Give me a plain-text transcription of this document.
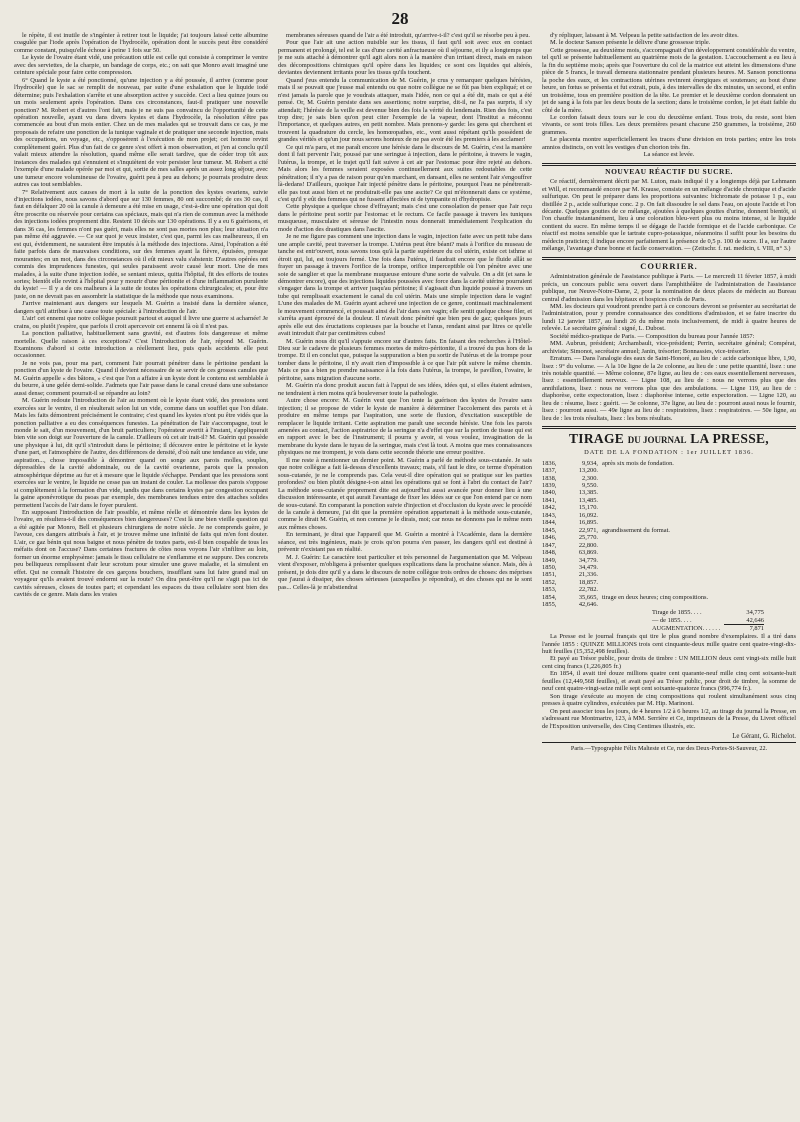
28

le répète, il est inutile de s'ingénier à retirer tout le liquide; j'ai toujours laissé cette albumine coagulée par l'iode après l'opération de l'hydrocèle, opération dont le succès peut être considéré comme constant, puisqu'elle échoue à peine 1 fois sur 50.

Le kyste de l'ovaire étant vidé, une précaution utile est celle qui consiste à comprimer le ventre avec des serviettes, de la charpie, un bandage de corps, etc.; on sait que Monro avait imaginé une ceinture spéciale pour faire cette compression.

6° Quand le kyste a été ponctionné, qu'une injection y a été poussée, il arrive (comme pour l'hydrocèle) que le sac se remplit de nouveau, par suite d'une exhalation que le liquide iodé détermine; puis l'exhalation s'arrête et une absorption active y succède. Ceci a lieu quinze jours ou un mois seulement après l'opération. Dans ces circonstances, faut-il pratiquer une nouvelle ponction? M. Robert et d'autres l'ont fait, mais je ne suis pas convaincu de l'opportunité de cette opération nouvelle, ayant vu dans divers kystes et dans l'hydrocèle, la résolution s'être pas commencée au bout d'un mois entier. Chez un de mes malades qui se trouvait dans ce cas, je me proposais de refaire une ponction de la tunique vaginale et de pratiquer une seconde injection, mais des occupations, un voyage, etc., s'opposèrent à l'exécution de mon projet; cet homme revint complètement guéri. Plus d'un fait de ce genre s'est offert à mon observation, et j'en ai conclu qu'il valait mieux attendre la résolution, quand même elle serait tardive, que de céder trop tôt aux instances des malades qui s'ennuient et s'inquiètent de voir persister leur tumeur. M. Robert a cité l'exemple d'une malade opérée par moi et qui, sortie de mes salles après un assez long séjour, avec une tumeur encore volumineuse de l'ovaire, guérit peu à peu au dehors; je pourrais produire deux autres cas tout semblables.

7° Relativement aux causes de mort à la suite de la ponction des kystes ovariens, suivie d'injections iodées, nous savons d'abord que sur 130 femmes, 80 ont succombé; de ces 30 cas, il faut en défalquer 20 où la canule à demeure a été mise en usage, c'est-à-dire une opération qui doit être proscrite ou réservée pour certains cas spéciaux, mais qui n'a rien de commun avec la méthode des injections iodées proprement dite. Restent 10 décès sur 130 opérations. Il y a eu 6 guérisons, et dans 36 cas, les femmes n'ont pas guéri, mais elles ne sont pas mortes non plus; leur situation n'a pas même été aggravée. — Ce sur quoi je veux insister, c'est que, parmi les cas malheureux, il en est qui, évidemment, ne sauraient être imputés à la méthode des injections. Ainsi, l'opération a été faite parfois dans de mauvaises conditions, sur des femmes ayant la fièvre, épuisées, presque mourantes; en un mot, dans des circonstances où il eût mieux valu s'abstenir. D'autres opérées ont commis des imprudences funestes, qui seules paraissent avoir causé leur mort. Une de mes malades, à la suite d'une injection iodée, se sentant mieux, quitta l'hôpital, fit des efforts de toutes sortes; bientôt elle revint à l'hôpital pour y mourir d'une péritonite et d'une inflammation purulente du kyste! — Il y a de ces malheurs à la suite de toutes les opérations chirurgicales; et, pour être juste, on ne devrait pas en assombrir la statistique de la méthode que nous examinons.

J'arrive maintenant aux dangers sur lesquels M. Guérin a insisté dans la dernière séance, dangers qu'il attribue à une cause toute spéciale: à l'introduction de l'air.

L'air! cet ennemi que notre collègue poursuit partout et auquel il livre une guerre si acharnée! Je crains, ou plutôt j'espère, que parfois il croit apercevoir cet ennemi là où il n'est pas.

La ponction palliative, habituellement sans gravité, est d'autres fois dangereuse et même mortelle. Quelle raison à ces exceptions? C'est l'introduction de l'air, répond M. Guérin. Examinons d'abord si cette introduction a réellement lieu, puis quels accidents elle peut occasionner.

Je ne vois pas, pour ma part, comment l'air pourrait pénétrer dans le péritoine pendant la ponction d'un kyste de l'ovaire. Quand il devient nécessaire de se servir de ces grosses canules que M. Guérin appelle « des bâtons, » c'est que l'on a affaire à un kyste dont le contenu est semblable à du beurre, à une gelée demi-solide. J'admets que l'air passe dans le canal creusé dans une substance aussi dense; comment pourrait-il se répandre au loin?

M. Guérin redoute l'introduction de l'air au moment où le kyste étant vidé, des pressions sont exercées sur le ventre, il en résulterait selon lui un vide, comme dans un soufflet que l'on dilate. Mais les faits démontrent précisément le contraire; c'est quand les kystes n'ont pu être vidés que la ponction palliative a eu des conséquences funestes. La pénétration de l'air s'accompagne, tout le monde le sait, d'un mouvement, d'un bruit particuliers; l'opérateur avertit à l'instant, s'appliquerait bien vite son doigt sur l'ouverture de la canule. D'ailleurs où cet air irait-il? M. Guérin qui possède une physique à lui, dit qu'il s'introduit dans le péritoine; il découvre entre le péritoine et le kyste d'une part, et l'atmosphère de l'autre, des différences de densité, d'où naît une tendance au vide, une aspiration..., chose impossible à démontrer quand on songe aux parois molles, souples, dépressibles de la cavité abdominale, ou de la cavité ovarienne, parois que la pression atmosphérique déprime au fur et à mesure que le liquide s'échappe. Pendant que les pressions sont exercées sur le ventre, le liquide ne cesse pas un instant de couler. La mollesse des parois s'oppose si complètement à la formation d'un vide, tandis que dans certains kystes par congestion occupant la gaine aponévrotique du psoas par exemple, des membranes tendues entre des attaches solides permettent l'accès de l'air dans le foyer purulent.

En supposant l'introduction de l'air possible, et même réelle et démontrée dans les kystes de l'ovaire, en résultera-t-il des conséquences bien dangereuses? C'est là une bien vieille question qui a été agitée par Monro, Bell et plusieurs chirurgiens de notre siècle. Je ne comprends guère, je l'avoue, ces dangers attribués à l'air, et je trouve même une infinité de faits qui m'en font douter. L'air, ce gaz bénin qui nous baigne et nous pénètre de toutes parts, est-il bien coupable de tous les méfaits dont on l'accuse? Dans certaines fractures de côtes nous voyons l'air s'infiltrer au loin, former un énorme emphysème: jamais le tissu cellulaire ne s'enflamme et ne suppure. Des concrets peu belliqueux remplissent d'air leur scrotum pour simuler une grave maladie, et la simulent en effet. Qui ne connaît l'histoire de ces garçons bouchers, insufflant sans lui faire grand mal un voyageur qu'ils avaient trouvé endormi sur la route? On dira peut-être qu'il ne s'agit pas ici de cavités séreuses, closes de toutes part; et cependant les espaces du tissu cellulaire sont bien des cavités de ce genre. Mais dans les vraies

membranes séreuses quand de l'air a été introduit, qu'arrive-t-il? c'est qu'il se résorbe peu à peu.

Pour que l'air ait une action nuisible sur les tissus, il faut qu'il soit avec eux en contact permanent et prolongé, tel est le cas d'une cavité anfractueuse où il séjourne, et ily a longtemps que je me suis attaché à démontrer qu'il agit alors non à la manière d'un irritant direct, mais en raison des décompositions chimiques qu'il opère dans les liquides; ce sont ces liquides qui altérés, deviantes deviennent irritants pour les tissus qu'ils touchent.

Quand j'eus entendu la communication de M. Guérin, je crus y remarquer quelques hérésies, mais il se pouvait que j'eusse mal entendu ou que notre collègue ne se fût pas bien expliqué; et ce n'est jamais la parole que je voudrais attaquer, mais l'idée, non ce qui a été dit, mais ce qui a été pensé. Or, M. Guérin persiste dans ses assertions; notre surprise, dit-il, ne l'a pas surpris, il s'y attendait; l'hérésie de la veille est devenue bien des fois la vérité du lendemain. Rien des fois, c'est trop dire; je sais bien qu'on peut citer l'exemple de la vapeur, dont l'Institut a méconnu l'importance, et quelques autres, en petit nombre. Mais prenons-y garde: les gens qui cherchent et trouvent la quadrature du cercle, les homœopathes, etc., vont aussi répétant qu'ils possèdent de grandes vérités et qu'un jour nous serons honteux de ne pas avoir été les premiers à les acclamer!

Ce qui m'a paru, et me paraît encore une hérésie dans le discours de M. Guérin, c'est la manière dont il fait pervenir l'air, poussé par une seringue à injection, dans le péritoine, à travers le vagin, l'utérus, la trompe, et le trajet qu'il fait suivre à cet air par l'estomac pour être rejeté au dehors. Mais alors les femmes seraient exposées continuellement aux suites redoutables de cette pénétration; il n'y a pas de raison pour qu'en marchant, en dansant, elles ne sentent l'air s'engouffrer là-dedans! D'ailleurs, quoique l'air injecté pénètre dans le péritoine, pourquoi l'eau ne pénétrerait-elle pas tout aussi bien et ne produirait-elle pas une ascite? Ce qui m'étonnerait dans ce système, c'est qu'il y eût des femmes qui ne fussent affectées ni de tympanite ni d'hydropisie.

Cette physique a quelque chose d'effrayant; mais c'est une consolation de penser que l'air reçu dans le péritoine peut sortir par l'estomac et le rectum. Ce facile passage à travers les tuniques musqueuse, musculaire et séreuse de l'intestin nous donnerait immédiatement l'explication du mode d'action des drastiques dans l'ascite.

Je ne me figure pas comment une injection dans le vagin, injection faite avec un petit tube dans une ample cavité, peut traverser la trompe. L'utérus peut être béant? mais à l'orifice du museau de tanche est entr'ouvert, nous savons tous qu'à la partie supérieure du col utérin, existe cet isthme si étroit qui, lui, est toujours fermé. Une fois dans l'utérus, il faudrait encore que le fluide allât se frayer un passage à travers l'orifice de la trompe, orifice imperceptible où l'on pénètre avec une soie de sanglier et que la membrane muqueuse entoure d'une sorte de valvule. On a dit (et sans le démontrer encore), que des injections liquides poussées avec force dans la cavité utérine pourraient s'engager dans la trompe et arriver jusqu'au péritoine; il s'agissait d'un liquide poussé à travers un tube qui remplissait exactement le canal du col utérin. Mais une simple injection dans le vagin! L'une des malades de M. Guérin ayant achevé une injection de ce genre, continuait machinalement le mouvement commencé, et poussait ainsi de l'air dans son vagin; elle sentit quelque chose filer, et s'arrêta ayant éprouvé de la douleur. Il n'avait donc pénétré que bien peu de gaz; quelques jours après elle eut des éructations copieuses par la bouche et l'anus, rendant ainsi par litres ce qu'elle avait introduit d'air par centimètres cubes!

M. Guérin nous dit qu'il s'appuie encore sur d'autres faits. En faisant des recherches à l'Hôtel-Dieu sur le cadavre de plusieurs femmes mortes de métro-péritonite, il a trouvé du pus hors de la trompe. Et il en conclut que, puisque la suppuration a bien pu sortir de l'utérus et de la trompe pour tomber dans le péritoine, il n'y avait rien d'impossible à ce que l'air pût suivre le même chemin. Mais ce pus a bien pu prendre naissance à la fois dans l'utérus, la trompe, le pavillon, l'ovaire, le péritoine, sans migration d'aucune sorte.

M. Guérin n'a donc produit aucun fait à l'appui de ses idées, idées qui, si elles étaient admises, ne tendraient à rien moins qu'à bouleverser toute la pathologie.

Autre chose encore: M. Guérin veut que l'on tente la guérison des kystes de l'ovaire sans injection; il se propose de vider le kyste de manière à déterminer l'accolement des parois et à produire en même temps par l'aspiration, une sorte de fluxion, d'excitation susceptible de remplacer le liquide irritant. Cette aspiration me paraît une seconde hérésie. Une fois les parois amenées au contact, l'action aspiratrice de la seringue n'a d'effet que sur la portion de tissue qui est en rapport avec le bec de l'instrument; il pourra y avoir, si vous voulez, invagination de la membrane du kyste dans le tuyau de la seringue, mais c'est là tout. A moins que mes connaissances physiques ne me trompent, je vois dans cette seconde théorie une erreur positive.

Il me reste à mentionner un dernier point. M. Guérin a parlé de méthode sous-cutanée. Je sais que notre collègue a fait là-dessus d'excellents travaux; mais, s'il faut le dire, ce terme d'opération sous-cutanée, je ne le comprends pas. Cela veut-il dire opération qui se pratique sur les parties profondes? ou bien plutôt désigne-t-on ainsi les opérations qui se font à l'abri du contact de l'air? La méthode sous-cutanée proprement dite est aujourd'hui aussi avancée pour donner lieu à une discussion intéressante, et qui aurait l'avantage de fixer les idées sur ce que l'on entend par ce nom de sous-cutané. En comparant la ponction suivie d'injection et d'occlusion du kyste avec le procédé de la canule à demeure, j'ai dit que la première opération appartenait à la méthode sous-cutanée, comme le dirait M. Guérin, et non comme je le dirais, moi; car nous ne donnons pas le même nom aux mêmes choses.

En terminant, je dirai que l'appareil que M. Guérin a montré à l'Académie, dans la dernière séance, est très ingénieux, mais je crois qu'on pourra s'en passer, les dangers qu'il est destiné à prévenir n'existant pas en réalité.

M. J. Guérin: Le caractère tout particulier et très personnel de l'argumentation que M. Velpeau vient d'exposer, m'obligera à présenter quelques explications dans la prochaine séance. Mais, dès à présent, je dois dire qu'il y a dans le discours de notre collègue trois ordres de choses: des méprises que j'aurai à dissiper, des choses sérieuses (auxquelles je répondrai), et des choses qui ne le sont pas... Celles-là je m'abstiendrai

d'y répliquer, laissant à M. Velpeau la petite satisfaction de les avoir dites.

M. le docteur Sanson présente le délivre d'une grossesse triple.

Cette grossesse, au deuxième mois, s'accompagnait d'un développement considérable du ventre, tel qu'il se présente habituellement au quatrième mois de la gestation. L'accouchement a eu lieu à la fin du septième mois; après que l'ouverture du col de la matrice eut atteint les dimensions d'une pièce de 5 francs, le travail demeura stationnaire pendant plusieurs heures. M. Sanson ponctionna la poche des eaux, et les contractions utérines revinrent énergiques et soutenues; au bout d'une heure, un fœtus se présenta et fut extrait, puis, à des intervalles de dix minutes, un second, et enfin un troisième, tous en première position de la tête. Le premier et le deuxième cordon donnaient un jet de sang à la fois par les deux bouts de la section; dans le troisième cordon, le jet était faible du côté de la mère.

Le cordon faisait deux tours sur le cou du deuxième enfant. Tous trois, du reste, sont bien vivants, ce sont trois filles. Les deux premières pesant chacune 250 grammes, la troisième, 260 grammes.

Le placenta montre superficiellement les traces d'une division en trois parties; entre les trois amnios distincts, on voit les vestiges d'un chorion très fin.

La séance est levée.

NOUVEAU RÉACTIF DU SUCRE.

Ce réactif, dernièrement décrit par M. Luton, mais indiqué il y a longtemps déjà par Lehmann et Will, et recommandé encore par M. Krause, consiste en un mélange d'acide chromique et d'acide sulfurique. On peut le préparer dans les proportions suivantes: bichromate de potasse 1 p., eau distillée 2 p., acide sulfurique conc. 2 p. On fait dissoudre le sel dans l'eau, on ajoute l'acide et l'on décante. Quelques gouttes de ce mélange, ajoutées à quelques gouttes d'urine, donnent bientôt, si l'on chauffe instantanément, lieu à une coloration bleu-vert plus ou moins intense, si le liquide contient du sucre. En même temps il se dégage de l'acide formique et de l'acide carbonique. Ce réactif est moins sensible que le tartrate cupro-potassique, néanmoins il suffit pour les besoins du médecin praticien; il indique encore parfaitement la présence de 0,5 p. 100 de sucre. Il a, sur l'autre mélange, l'avantage d'une bonne et facile conservation. — (Zeitschr. f. rat. medicin, t. VIII, n° 3.)

COURRIER.

Administration générale de l'assistance publique à Paris. — Le mercredi 11 février 1857, à midi précis, un concours public sera ouvert dans l'amphithéâtre de l'administration de l'assistance publique, rue Neuve-Notre-Dame, 2, pour la nomination de deux places de médecin au Bureau central d'admission dans les hôpitaux et hospices civils de Paris.

MM. les docteurs qui voudront prendre part à ce concours devront se présenter au secrétariat de l'administration, pour y prendre connaissance des conditions d'admission, et se faire inscrire du lundi 12 janvier 1857, au lundi 26 du même mois inclusivement, de midi à quatre heures de relevée. Le secrétaire général : signé, L. Dubost.

Société médico-pratique de Paris. — Composition du bureau pour l'année 1857:

MM. Aubrun, président; Archambault, vice-président; Perrin, secrétaire général; Compérat, archiviste; Simonot, secrétaire annuel; Janin, trésorier; Bonnassies, vice-trésorier.

Erratum. — Dans l'analogie des eaux de Saint-Honoré, au lieu de : acide carbonique libre, 1,90, lisez : 9° du volume. — A la 10e ligne de la 2e colonne, au lieu de : une petite quantité, lisez : une très notable quantité. — Même colonne, 87e ligne, au lieu de : ces eaux essentiellement nerveuses, lisez : essentiellement nerveux. — Ligne 108, au lieu de : nous ne verrons plus que des annihilations, lisez : nous ne verrons plus que des ambulations. — Ligne 119, au lieu de : diaphorèse, cette expectoration, lisez : diaphorèse intense, cette expectoration. — Ligne 120, au lieu de : résume, lisez : guérit. — 3e colonne, 37e ligne, au lieu de : pourront aussi nous le fournir, lisez : pourront aussi. — 49e ligne au lieu de : respiratoires, lisez : respiratoires. — 50e ligne, au lieu de : les trois résultats, lisez : les bons résultats.

TIRAGE DU JOURNAL LA PRESSE,
DATE DE LA FONDATION : 1er JUILLET 1836.
1836,	9,934, après six mois de fondation.
1837,	13,200.
1838,	2,300.
1839,	9,550.
1840,	13,385.
1841,	13,485.
1842,	15,170.
1843,	16,092.
1844,	16,895.
1845,	22,971, agrandissement du format.
1846,	25,770.
1847,	22,800.
1848,	63,869.
1849,	34,779.
1850,	34,479.
1851,	21,336.
1852,	18,857.
1853,	22,782.
1854,	35,665, tirage en deux heures; cinq compositions.
1855,	42,646.
Tirage de 1855. . . .	34,775
— de 1855. . . .	42,646
AUGMENTATION. . . . . .	7,871

La Presse est le journal français qui tire le plus grand nombre d'exemplaires. Il a tiré dans l'année 1855 : QUINZE MILLIONS trois cent cinquante-deux mille quatre cent quatre-vingt-dix-huit feuilles (15,352,498 feuilles).

Et payé au Trésor public, pour droits de timbre : UN MILLION deux cent vingt-six mille huit cent cinq francs (1,226,805 fr.)

En 1854, il avait tiré douze millions quatre cent quarante-neuf mille cinq cent soixante-huit feuilles (12,449,568 feuilles), et avait payé au Trésor public, pour droit de timbre, la somme de neuf cent quatre-vingt-seize mille sept cent soixante-quatorze francs (996,774 fr.).

Son tirage s'exécute au moyen de cinq compositions qui roulent simultanément sous cinq presses à quatre cylindres, exécutées par M. Hip. Marinoni.

On peut associer tous les jours, de 4 heures 1/2 à 6 heures 1/2, au tirage du journal la Presse, en s'adressant rue Montmartre, 123, à MM. Serrière et Ce, imprimeurs de la Presse, du Livret officiel de l'Exposition universelle, des Cinq Centimes illustrés, etc.

Le Gérant, G. Richelot.
Paris.—Typographie Félix Malteste et Ce, rue des Deux-Portes-St-Sauveur, 22.
